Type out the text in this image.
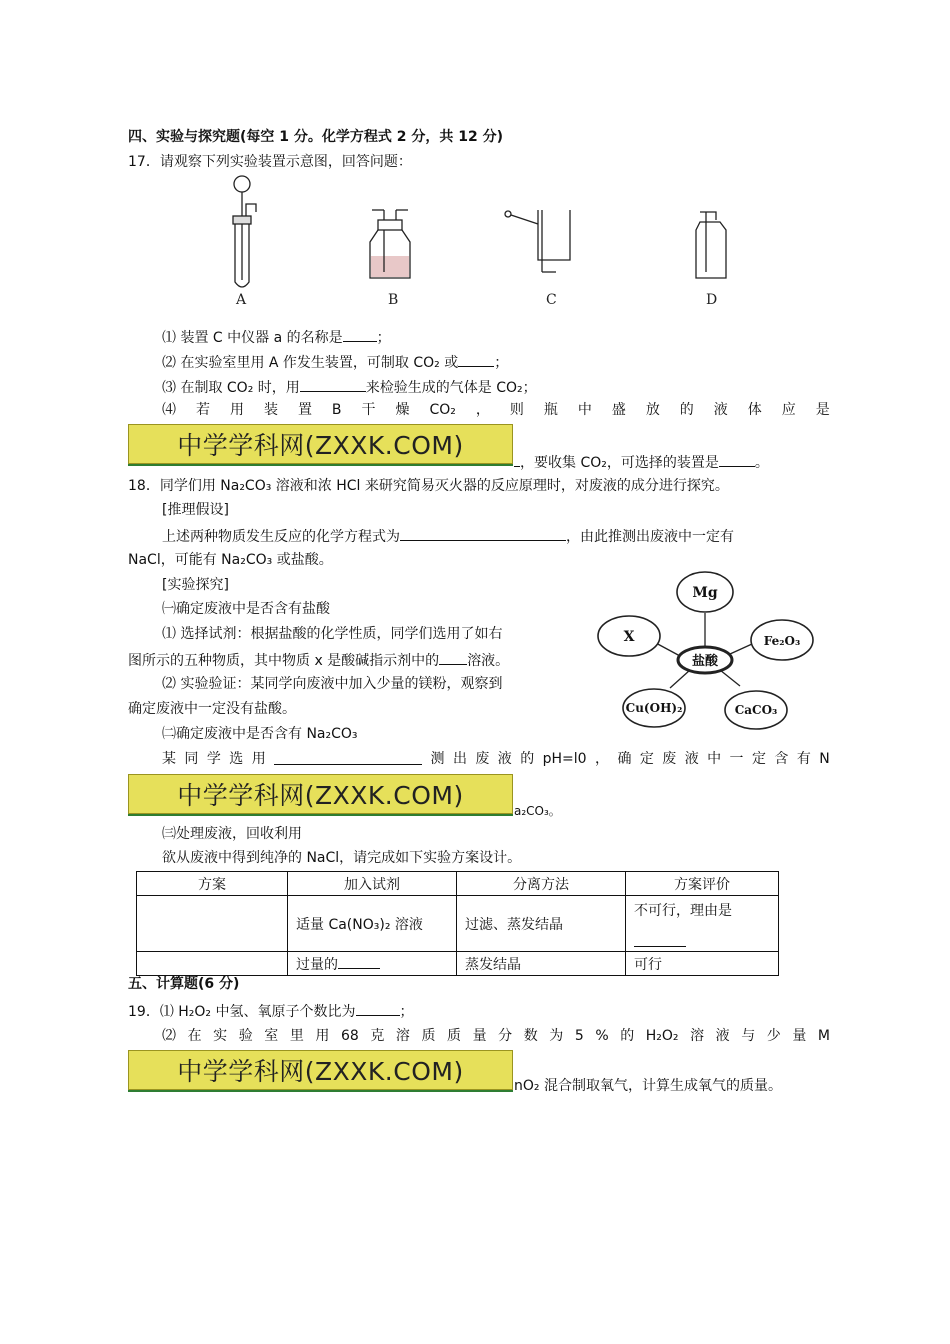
四、实验与探究题(每空 1 分。化学方程式 2 分，共 12 分)
17．请观察下列实验装置示意图，回答问题：
A	B	C	D
⑴ 装置 C 中仪器 a 的名称是 ；
⑵ 在实验室里用 A 作发生装置，可制取 CO₂ 或	；
⑶ 在制取 CO₂ 时，用	来检验生成的气体是 CO₂；
⑷ 若 用 装 置 B 干 燥 CO₂ ， 则 瓶 中 盛 放 的 液 体 应 是
中学学科网(ZXXK.COM)
，要收集 CO₂，可选择的装置是	。
18．同学们用 Na₂CO₃ 溶液和浓 HCl 来研究简易灭火器的反应原理时，对废液的成分进行探究。
[推理假设]
上述两种物质发生反应的化学方程式为	，由此推测出废液中一定有
NaCl，可能有 Na₂CO₃ 或盐酸。
[实验探究]
㈠确定废液中是否含有盐酸
⑴ 选择试剂：根据盐酸的化学性质，同学们选用了如右
图所示的五种物质，其中物质 x 是酸碱指示剂中的 溶液。
⑵ 实验验证：某同学向废液中加入少量的镁粉，观察到
确定废液中一定没有盐酸。
㈡确定废液中是否含有 Na₂CO₃
Mg
X	Fe₂O₃
Cu(OH)₂	CaCO₃
盐酸
某 同 学 选 用	测 出 废 液 的 pH=l0 ， 确 定 废 液 中 一 定 含 有 N
中学学科网(ZXXK.COM)
a₂CO₃。
㈢处理废液，回收利用
欲从废液中得到纯净的 NaCl，请完成如下实验方案设计。
方案	加入试剂	分离方法	方案评价
	适量 Ca(NO₃)₂ 溶液	过滤、蒸发结晶	不可行，理由是

	过量的	蒸发结晶	可行
五、计算题(6 分)
19．⑴ H₂O₂ 中氢、氧原子个数比为	；
⑵ 在 实 验 室 里 用 68 克 溶 质 质 量 分 数 为 5 % 的 H₂O₂ 溶 液 与 少 量 M
中学学科网(ZXXK.COM)	nO₂ 混合制取氧气，计算生成氧气的质量。
